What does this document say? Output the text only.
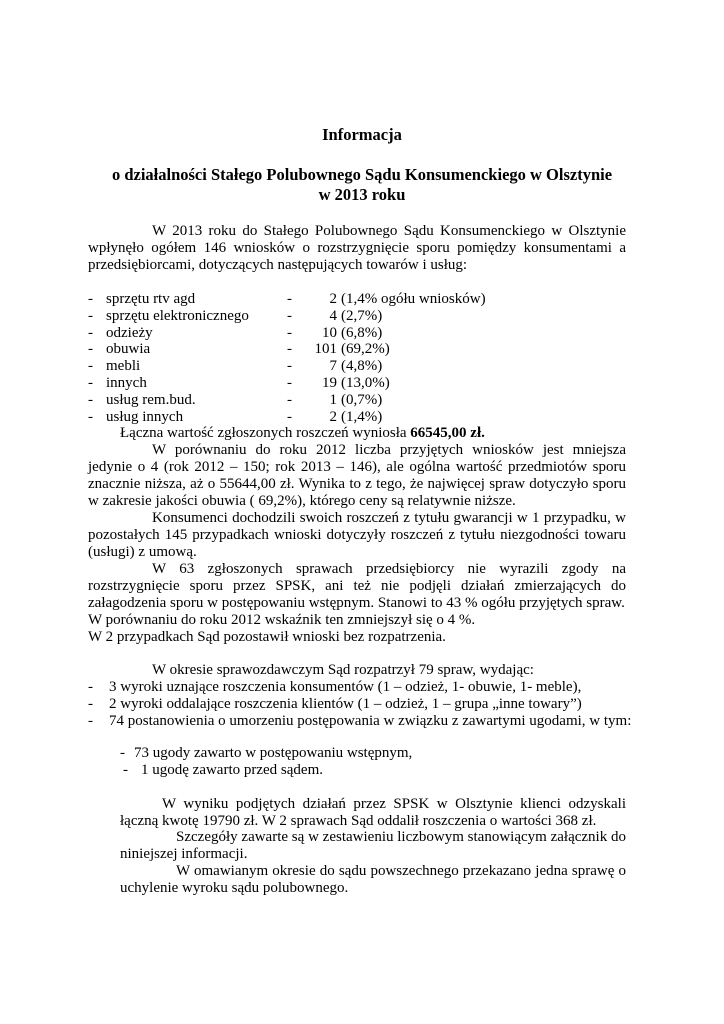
Informacja
o działalności Stałego Polubownego Sądu Konsumenckiego w Olsztynie
w 2013 roku

W 2013 roku do Stałego Polubownego Sądu Konsumenckiego w Olsztynie wpłynęło ogółem 146 wniosków o rozstrzygnięcie sporu pomiędzy konsumentami a przedsiębiorcami, dotyczących następujących towarów i usług:

- sprzętu rtv agd	-	2 (1,4% ogółu wniosków)
- sprzętu elektronicznego	-	4 (2,7%)
- odzieży	-	10 (6,8%)
- obuwia	-	101 (69,2%)
- mebli	-	7 (4,8%)
- innych	-	19 (13,0%)
- usług rem.bud.	-	1 (0,7%)
- usług innych	-	2 (1,4%)
Łączna wartość zgłoszonych roszczeń wyniosła 66545,00 zł.

W porównaniu do roku 2012 liczba przyjętych wniosków jest mniejsza jedynie o 4 (rok 2012 – 150; rok 2013 – 146), ale ogólna wartość przedmiotów sporu znacznie niższa, aż o 55644,00 zł. Wynika to z tego, że najwięcej spraw dotyczyło sporu w zakresie jakości obuwia ( 69,2%), którego ceny są relatywnie niższe.

Konsumenci dochodzili swoich roszczeń z tytułu gwarancji w 1 przypadku, w pozostałych 145 przypadkach wnioski dotyczyły roszczeń z tytułu niezgodności towaru (usługi) z umową.

W 63 zgłoszonych sprawach przedsiębiorcy nie wyrazili zgody na rozstrzygnięcie sporu przez SPSK, ani też nie podjęli działań zmierzających do załagodzenia sporu w postępowaniu wstępnym. Stanowi to 43 % ogółu przyjętych spraw.

W porównaniu do roku 2012 wskaźnik ten zmniejszył się o 4 %.

W 2 przypadkach Sąd pozostawił wnioski bez rozpatrzenia.

W okresie sprawozdawczym Sąd rozpatrzył 79 spraw, wydając:
- 3 wyroki uznające roszczenia konsumentów (1 – odzież, 1- obuwie, 1- meble),
- 2 wyroki oddalające roszczenia klientów (1 – odzież, 1 – grupa „inne towary”)
- 74 postanowienia o umorzeniu postępowania w związku z zawartymi ugodami, w tym:
- 73 ugody zawarto w postępowaniu wstępnym,
- 1 ugodę zawarto przed sądem.

W wyniku podjętych działań przez SPSK w Olsztynie klienci odzyskali łączną kwotę 19790 zł. W 2 sprawach Sąd oddalił roszczenia o wartości 368 zł.

Szczegóły zawarte są w zestawieniu liczbowym stanowiącym załącznik do niniejszej informacji.

W omawianym okresie do sądu powszechnego przekazano jedna sprawę o uchylenie wyroku sądu polubownego.
